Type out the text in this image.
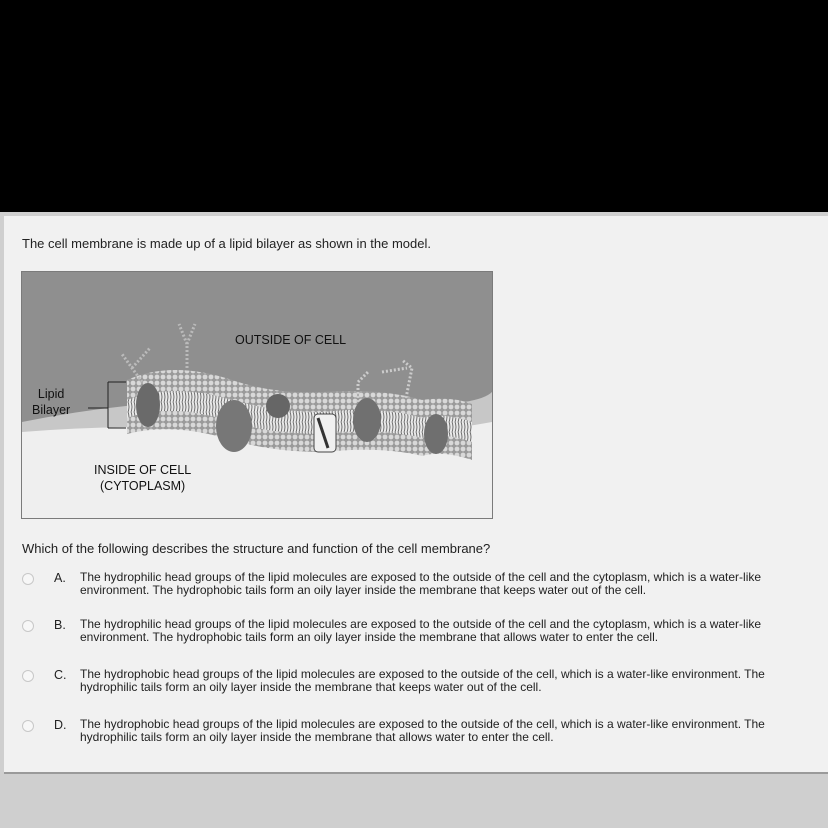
The cell membrane is made up of a lipid bilayer as shown in the model.
OUTSIDE OF CELL
Lipid
Bilayer
INSIDE OF CELL
(CYTOPLASM)
Which of the following describes the structure and function of the cell membrane?
A. The hydrophilic head groups of the lipid molecules are exposed to the outside of the cell and the cytoplasm, which is a water-like environment. The hydrophobic tails form an oily layer inside the membrane that keeps water out of the cell.
B. The hydrophilic head groups of the lipid molecules are exposed to the outside of the cell and the cytoplasm, which is a water-like environment. The hydrophobic tails form an oily layer inside the membrane that allows water to enter the cell.
C. The hydrophobic head groups of the lipid molecules are exposed to the outside of the cell, which is a water-like environment. The hydrophilic tails form an oily layer inside the membrane that keeps water out of the cell.
D. The hydrophobic head groups of the lipid molecules are exposed to the outside of the cell, which is a water-like environment. The hydrophilic tails form an oily layer inside the membrane that allows water to enter the cell.
